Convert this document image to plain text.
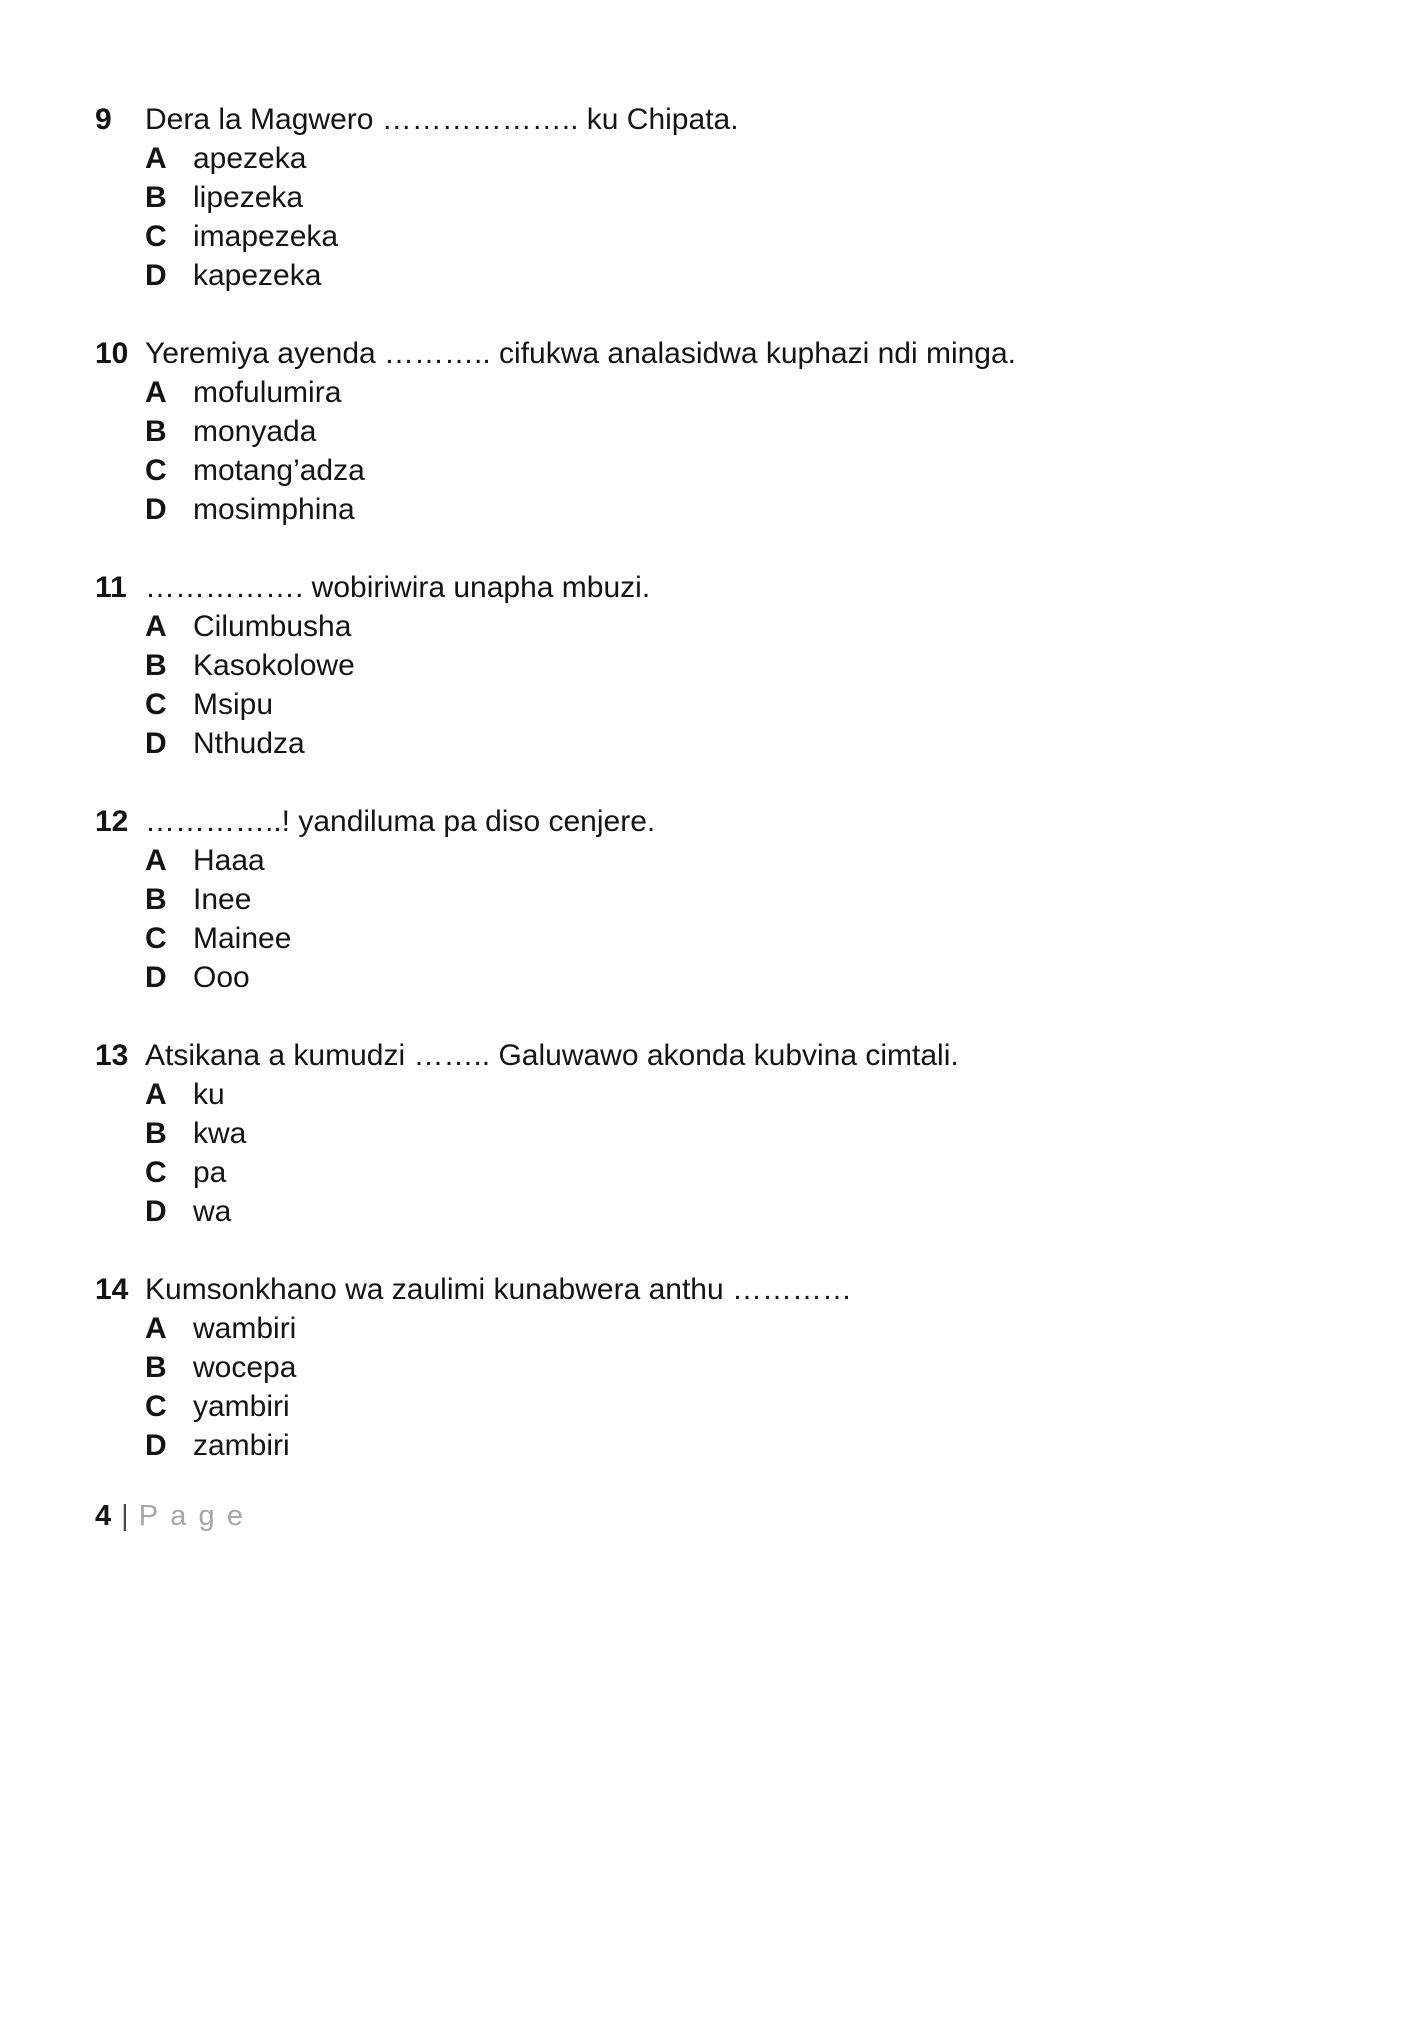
9	Dera la Magwero ……………….. ku Chipata.
A apezeka
B lipezeka
C imapezeka
D kapezeka
10 Yeremiya ayenda ……….. cifukwa analasidwa kuphazi ndi minga.
A mofulumira
B monyada
C motang’adza
D mosimphina
11 ……………. wobiriwira unapha mbuzi.
A Cilumbusha
B Kasokolowe
C Msipu
D Nthudza
12 …………..! yandiluma pa diso cenjere.
A Haaa
B Inee
C Mainee
D Ooo
13 Atsikana a kumudzi …….. Galuwawo akonda kubvina cimtali.
A ku
B kwa
C pa
D wa
14 Kumsonkhano wa zaulimi kunabwera anthu …………
A wambiri
B wocepa
C yambiri
D zambiri
4 | Page
